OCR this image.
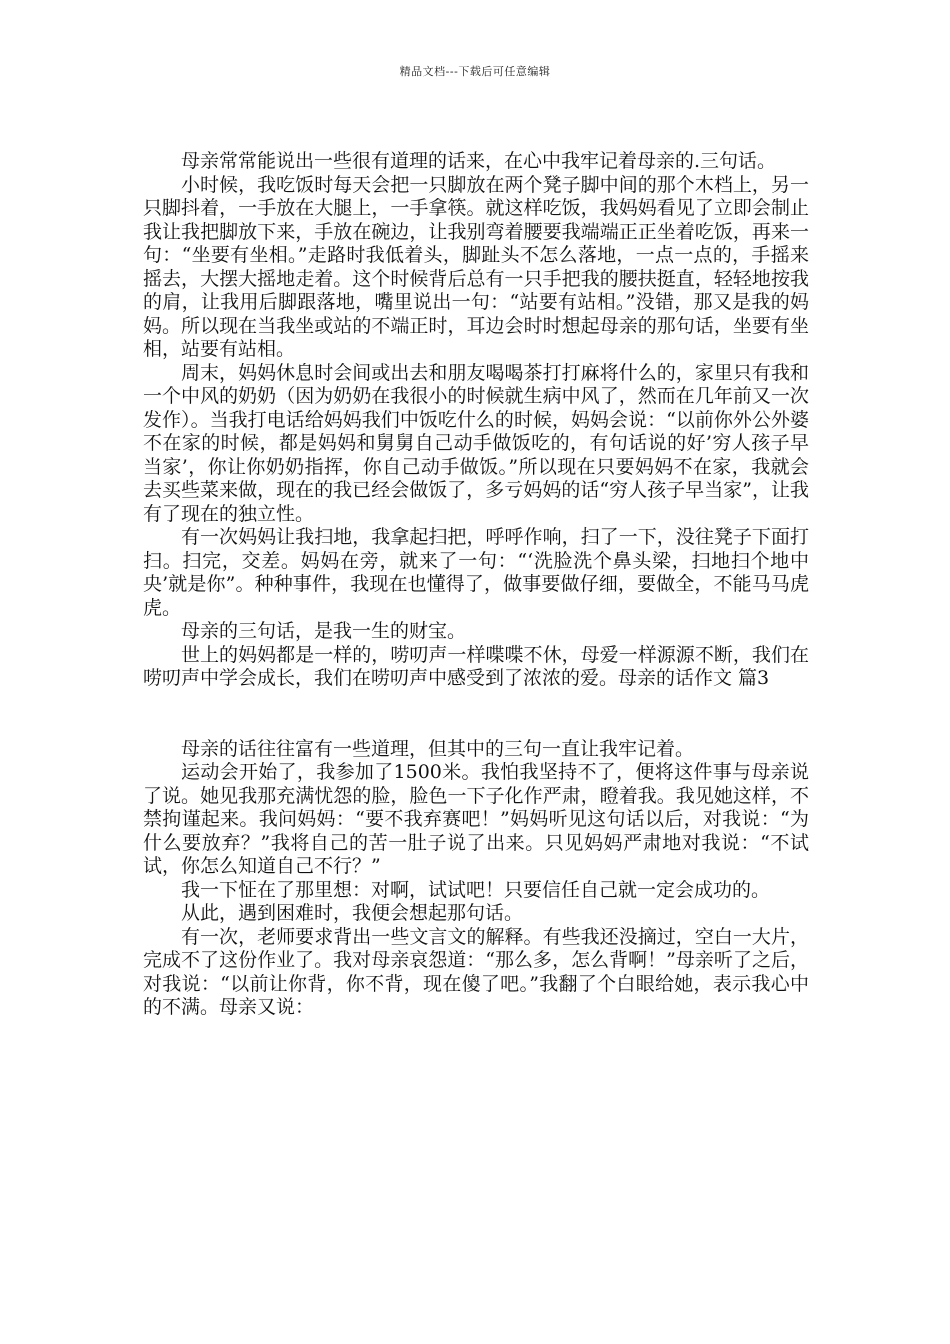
精品文档---下载后可任意编辑

母亲常常能说出一些很有道理的话来，在心中我牢记着母亲的.三句话。

小时候，我吃饭时每天会把一只脚放在两个凳子脚中间的那个木档上，另一只脚抖着，一手放在大腿上，一手拿筷。就这样吃饭，我妈妈看见了立即会制止我让我把脚放下来，手放在碗边，让我别弯着腰要我端端正正坐着吃饭，再来一句：“坐要有坐相。”走路时我低着头，脚趾头不怎么落地，一点一点的，手摇来摇去，大摆大摇地走着。这个时候背后总有一只手把我的腰扶挺直，轻轻地按我的肩，让我用后脚跟落地，嘴里说出一句：“站要有站相。”没错，那又是我的妈妈。所以现在当我坐或站的不端正时，耳边会时时想起母亲的那句话，坐要有坐相，站要有站相。

周末，妈妈休息时会间或出去和朋友喝喝茶打打麻将什么的，家里只有我和一个中风的奶奶（因为奶奶在我很小的时候就生病中风了，然而在几年前又一次发作）。当我打电话给妈妈我们中饭吃什么的时候，妈妈会说：“以前你外公外婆不在家的时候，都是妈妈和舅舅自己动手做饭吃的，有句话说的好’穷人孩子早当家’，你让你奶奶指挥，你自己动手做饭。”所以现在只要妈妈不在家，我就会去买些菜来做，现在的我已经会做饭了，多亏妈妈的话“穷人孩子早当家”，让我有了现在的独立性。

有一次妈妈让我扫地，我拿起扫把，呼呼作响，扫了一下，没往凳子下面打扫。扫完，交差。妈妈在旁，就来了一句：“‘洗脸洗个鼻头梁，扫地扫个地中央’就是你”。种种事件，我现在也懂得了，做事要做仔细，要做全，不能马马虎虎。

母亲的三句话，是我一生的财宝。

世上的妈妈都是一样的，唠叨声一样喋喋不休，母爱一样源源不断，我们在唠叨声中学会成长，我们在唠叨声中感受到了浓浓的爱。母亲的话作文 篇3

母亲的话往往富有一些道理，但其中的三句一直让我牢记着。

运动会开始了，我参加了1500米。我怕我坚持不了，便将这件事与母亲说了说。她见我那充满忧怨的脸，脸色一下子化作严肃，瞪着我。我见她这样，不禁拘谨起来。我问妈妈：“要不我弃赛吧！”妈妈听见这句话以后，对我说：“为什么要放弃？”我将自己的苦一肚子说了出来。只见妈妈严肃地对我说：“不试试，你怎么知道自己不行？”

我一下怔在了那里想：对啊，试试吧！只要信任自己就一定会成功的。

从此，遇到困难时，我便会想起那句话。

有一次，老师要求背出一些文言文的解释。有些我还没摘过，空白一大片，完成不了这份作业了。我对母亲哀怨道：“那么多，怎么背啊！”母亲听了之后，对我说：“以前让你背，你不背，现在傻了吧。”我翻了个白眼给她，表示我心中的不满。母亲又说：
